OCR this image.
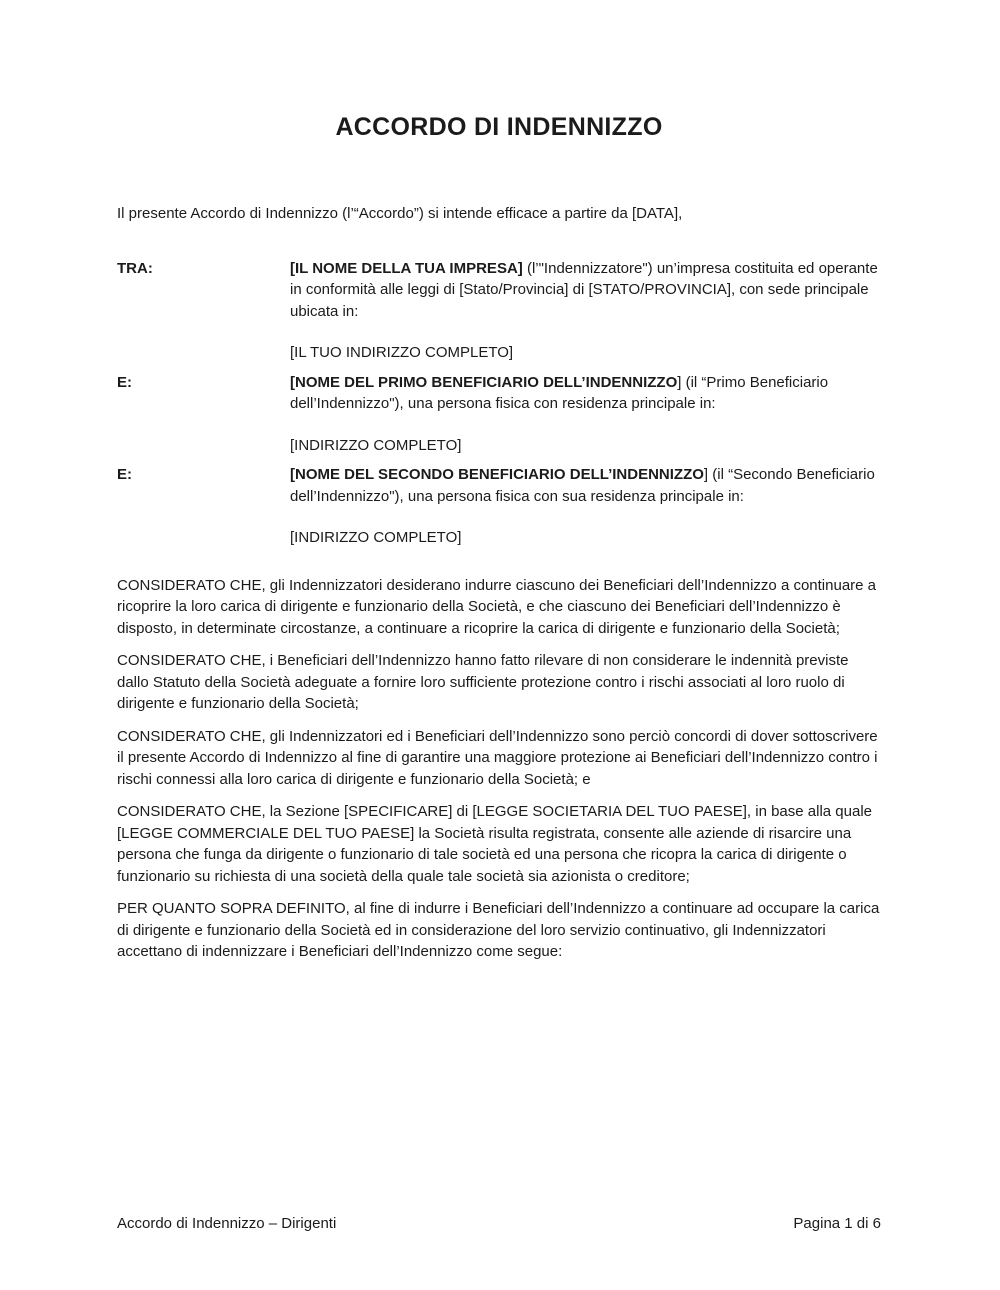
ACCORDO DI INDENNIZZO

Il presente Accordo di Indennizzo (l’“Accordo”) si intende efficace a partire da [DATA],

TRA:	[IL NOME DELLA TUA IMPRESA] (l’"Indennizzatore") un’impresa costituita ed operante in conformità alle leggi di [Stato/Provincia] di [STATO/PROVINCIA], con sede principale ubicata in:
[IL TUO INDIRIZZO COMPLETO]
E:	[NOME DEL PRIMO BENEFICIARIO DELL’INDENNIZZO] (il “Primo Beneficiario dell’Indennizzo"), una persona fisica con residenza principale in:
[INDIRIZZO COMPLETO]
E:	[NOME DEL SECONDO BENEFICIARIO DELL’INDENNIZZO] (il “Secondo Beneficiario dell’Indennizzo"), una persona fisica con sua residenza principale in:
[INDIRIZZO COMPLETO]

CONSIDERATO CHE, gli Indennizzatori desiderano indurre ciascuno dei Beneficiari dell’Indennizzo a continuare a ricoprire la loro carica di dirigente e funzionario della Società, e che ciascuno dei Beneficiari dell’Indennizzo è disposto, in determinate circostanze, a continuare a ricoprire la carica di dirigente e funzionario della Società;

CONSIDERATO CHE, i Beneficiari dell’Indennizzo hanno fatto rilevare di non considerare le indennità previste dallo Statuto della Società adeguate a fornire loro sufficiente protezione contro i rischi associati al loro ruolo di dirigente e funzionario della Società;

CONSIDERATO CHE, gli Indennizzatori ed i Beneficiari dell’Indennizzo sono perciò concordi di dover sottoscrivere il presente Accordo di Indennizzo al fine di garantire una maggiore protezione ai Beneficiari dell’Indennizzo contro i rischi connessi alla loro carica di dirigente e funzionario della Società; e

CONSIDERATO CHE, la Sezione [SPECIFICARE] di [LEGGE SOCIETARIA DEL TUO PAESE], in base alla quale [LEGGE COMMERCIALE DEL TUO PAESE] la Società risulta registrata, consente alle aziende di risarcire una persona che funga da dirigente o funzionario di tale società ed una persona che ricopra la carica di dirigente o funzionario su richiesta di una società della quale tale società sia azionista o creditore;

PER QUANTO SOPRA DEFINITO, al fine di indurre i Beneficiari dell’Indennizzo a continuare ad occupare la carica di dirigente e funzionario della Società ed in considerazione del loro servizio continuativo, gli Indennizzatori accettano di indennizzare i Beneficiari dell’Indennizzo come segue:

Accordo di Indennizzo – Dirigenti	Pagina 1 di 6
